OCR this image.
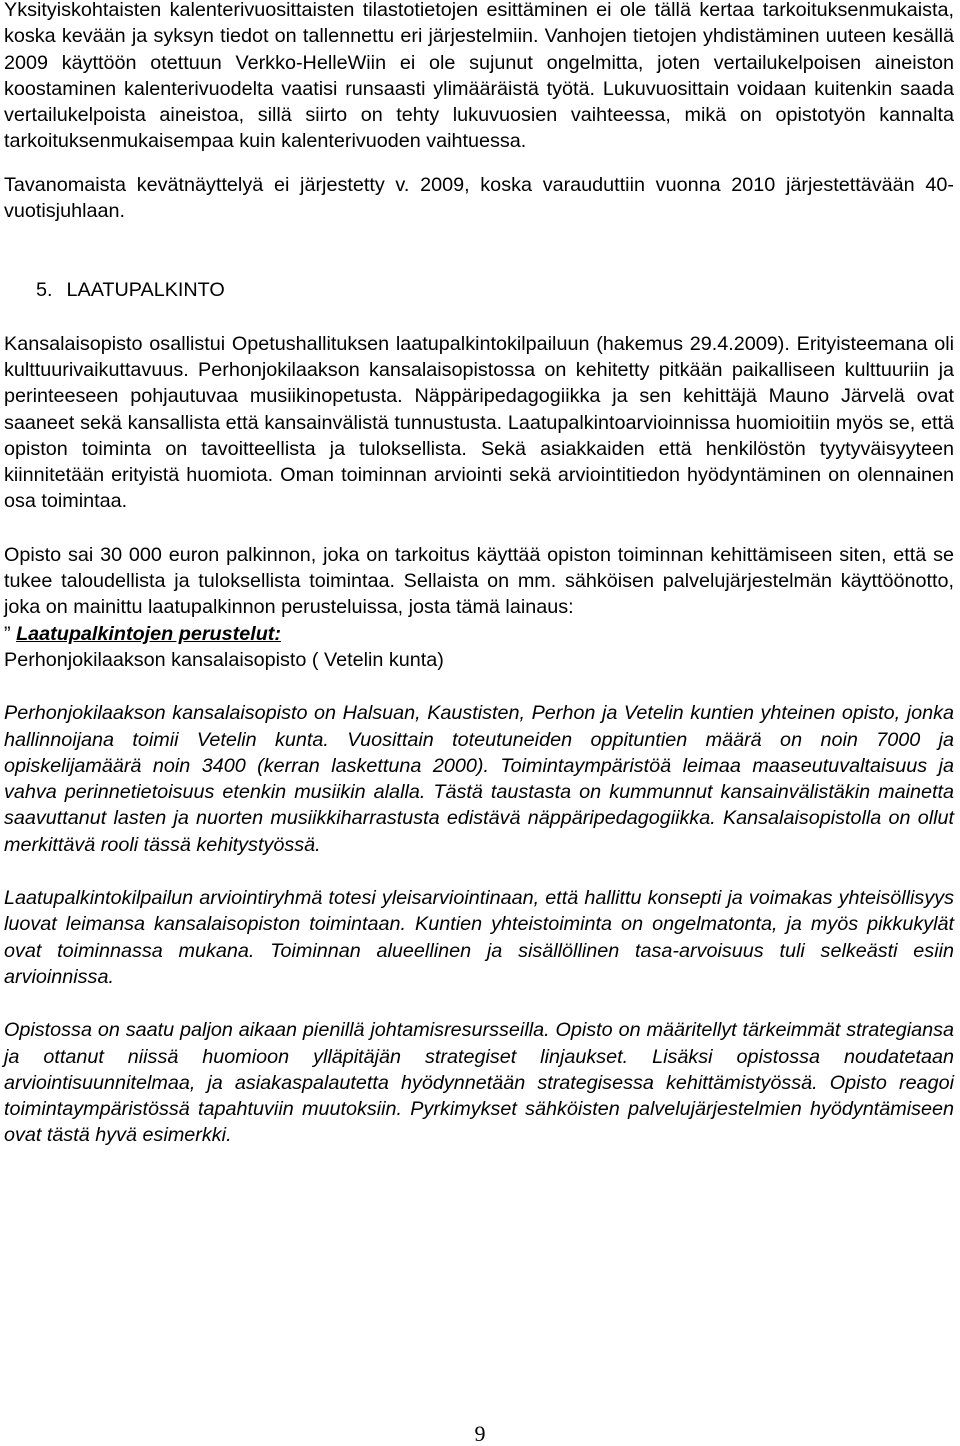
Yksityiskohtaisten kalenterivuosittaisten tilastotietojen esittäminen ei ole tällä kertaa tarkoituksenmukaista, koska kevään ja syksyn tiedot on tallennettu eri järjestelmiin. Vanhojen tietojen yhdistäminen uuteen kesällä 2009 käyttöön otettuun Verkko-HelleWiin ei ole sujunut ongelmitta, joten vertailukelpoisen aineiston koostaminen kalenterivuodelta vaatisi runsaasti ylimääräistä työtä. Lukuvuosittain voidaan kuitenkin saada vertailukelpoista aineistoa, sillä siirto on tehty lukuvuosien vaihteessa, mikä on opistotyön kannalta tarkoituksenmukaisempaa kuin kalenterivuoden vaihtuessa.

Tavanomaista kevätnäyttelyä ei järjestetty v. 2009, koska varauduttiin vuonna 2010 järjestettävään 40-vuotisjuhlaan.

5. LAATUPALKINTO

Kansalaisopisto osallistui Opetushallituksen laatupalkintokilpailuun (hakemus 29.4.2009). Erityisteemana oli kulttuurivaikuttavuus. Perhonjokilaakson kansalaisopistossa on kehitetty pitkään paikalliseen kulttuuriin ja perinteeseen pohjautuvaa musiikinopetusta. Näppäripedagogiikka ja sen kehittäjä Mauno Järvelä ovat saaneet sekä kansallista että kansainvälistä tunnustusta. Laatupalkintoarvioinnissa huomioitiin myös se, että opiston toiminta on tavoitteellista ja tuloksellista. Sekä asiakkaiden että henkilöstön tyytyväisyyteen kiinnitetään erityistä huomiota. Oman toiminnan arviointi sekä arviointitiedon hyödyntäminen on olennainen osa toimintaa.

Opisto sai 30 000 euron palkinnon, joka on tarkoitus käyttää opiston toiminnan kehittämiseen siten, että se tukee taloudellista ja tuloksellista toimintaa. Sellaista on mm. sähköisen palvelujärjestelmän käyttöönotto, joka on mainittu laatupalkinnon perusteluissa, josta tämä lainaus:

” Laatupalkintojen perustelut:

Perhonjokilaakson kansalaisopisto ( Vetelin kunta)

Perhonjokilaakson kansalaisopisto on Halsuan, Kaustisten, Perhon ja Vetelin kuntien yhteinen opisto, jonka hallinnoijana toimii Vetelin kunta. Vuosittain toteutuneiden oppituntien määrä on noin 7000 ja opiskelijamäärä noin 3400 (kerran laskettuna 2000). Toimintaympäristöä leimaa maaseutuvaltaisuus ja vahva perinnetietoisuus etenkin musiikin alalla. Tästä taustasta on kummunnut kansainvälistäkin mainetta saavuttanut lasten ja nuorten musiikkiharrastusta edistävä näppäripedagogiikka. Kansalaisopistolla on ollut merkittävä rooli tässä kehitystyössä.

Laatupalkintokilpailun arviointiryhmä totesi yleisarviointinaan, että hallittu konsepti ja voimakas yhteisöllisyys luovat leimansa kansalaisopiston toimintaan. Kuntien yhteistoiminta on ongelmatonta, ja myös pikkukylät ovat toiminnassa mukana. Toiminnan alueellinen ja sisällöllinen tasa-arvoisuus tuli selkeästi esiin arvioinnissa.

Opistossa on saatu paljon aikaan pienillä johtamisresursseilla. Opisto on määritellyt tärkeimmät strategiansa ja ottanut niissä huomioon ylläpitäjän strategiset linjaukset. Lisäksi opistossa noudatetaan arviointisuunnitelmaa, ja asiakaspalautetta hyödynnetään strategisessa kehittämistyössä. Opisto reagoi toimintaympäristössä tapahtuviin muutoksiin. Pyrkimykset sähköisten palvelujärjestelmien hyödyntämiseen ovat tästä hyvä esimerkki.

9
